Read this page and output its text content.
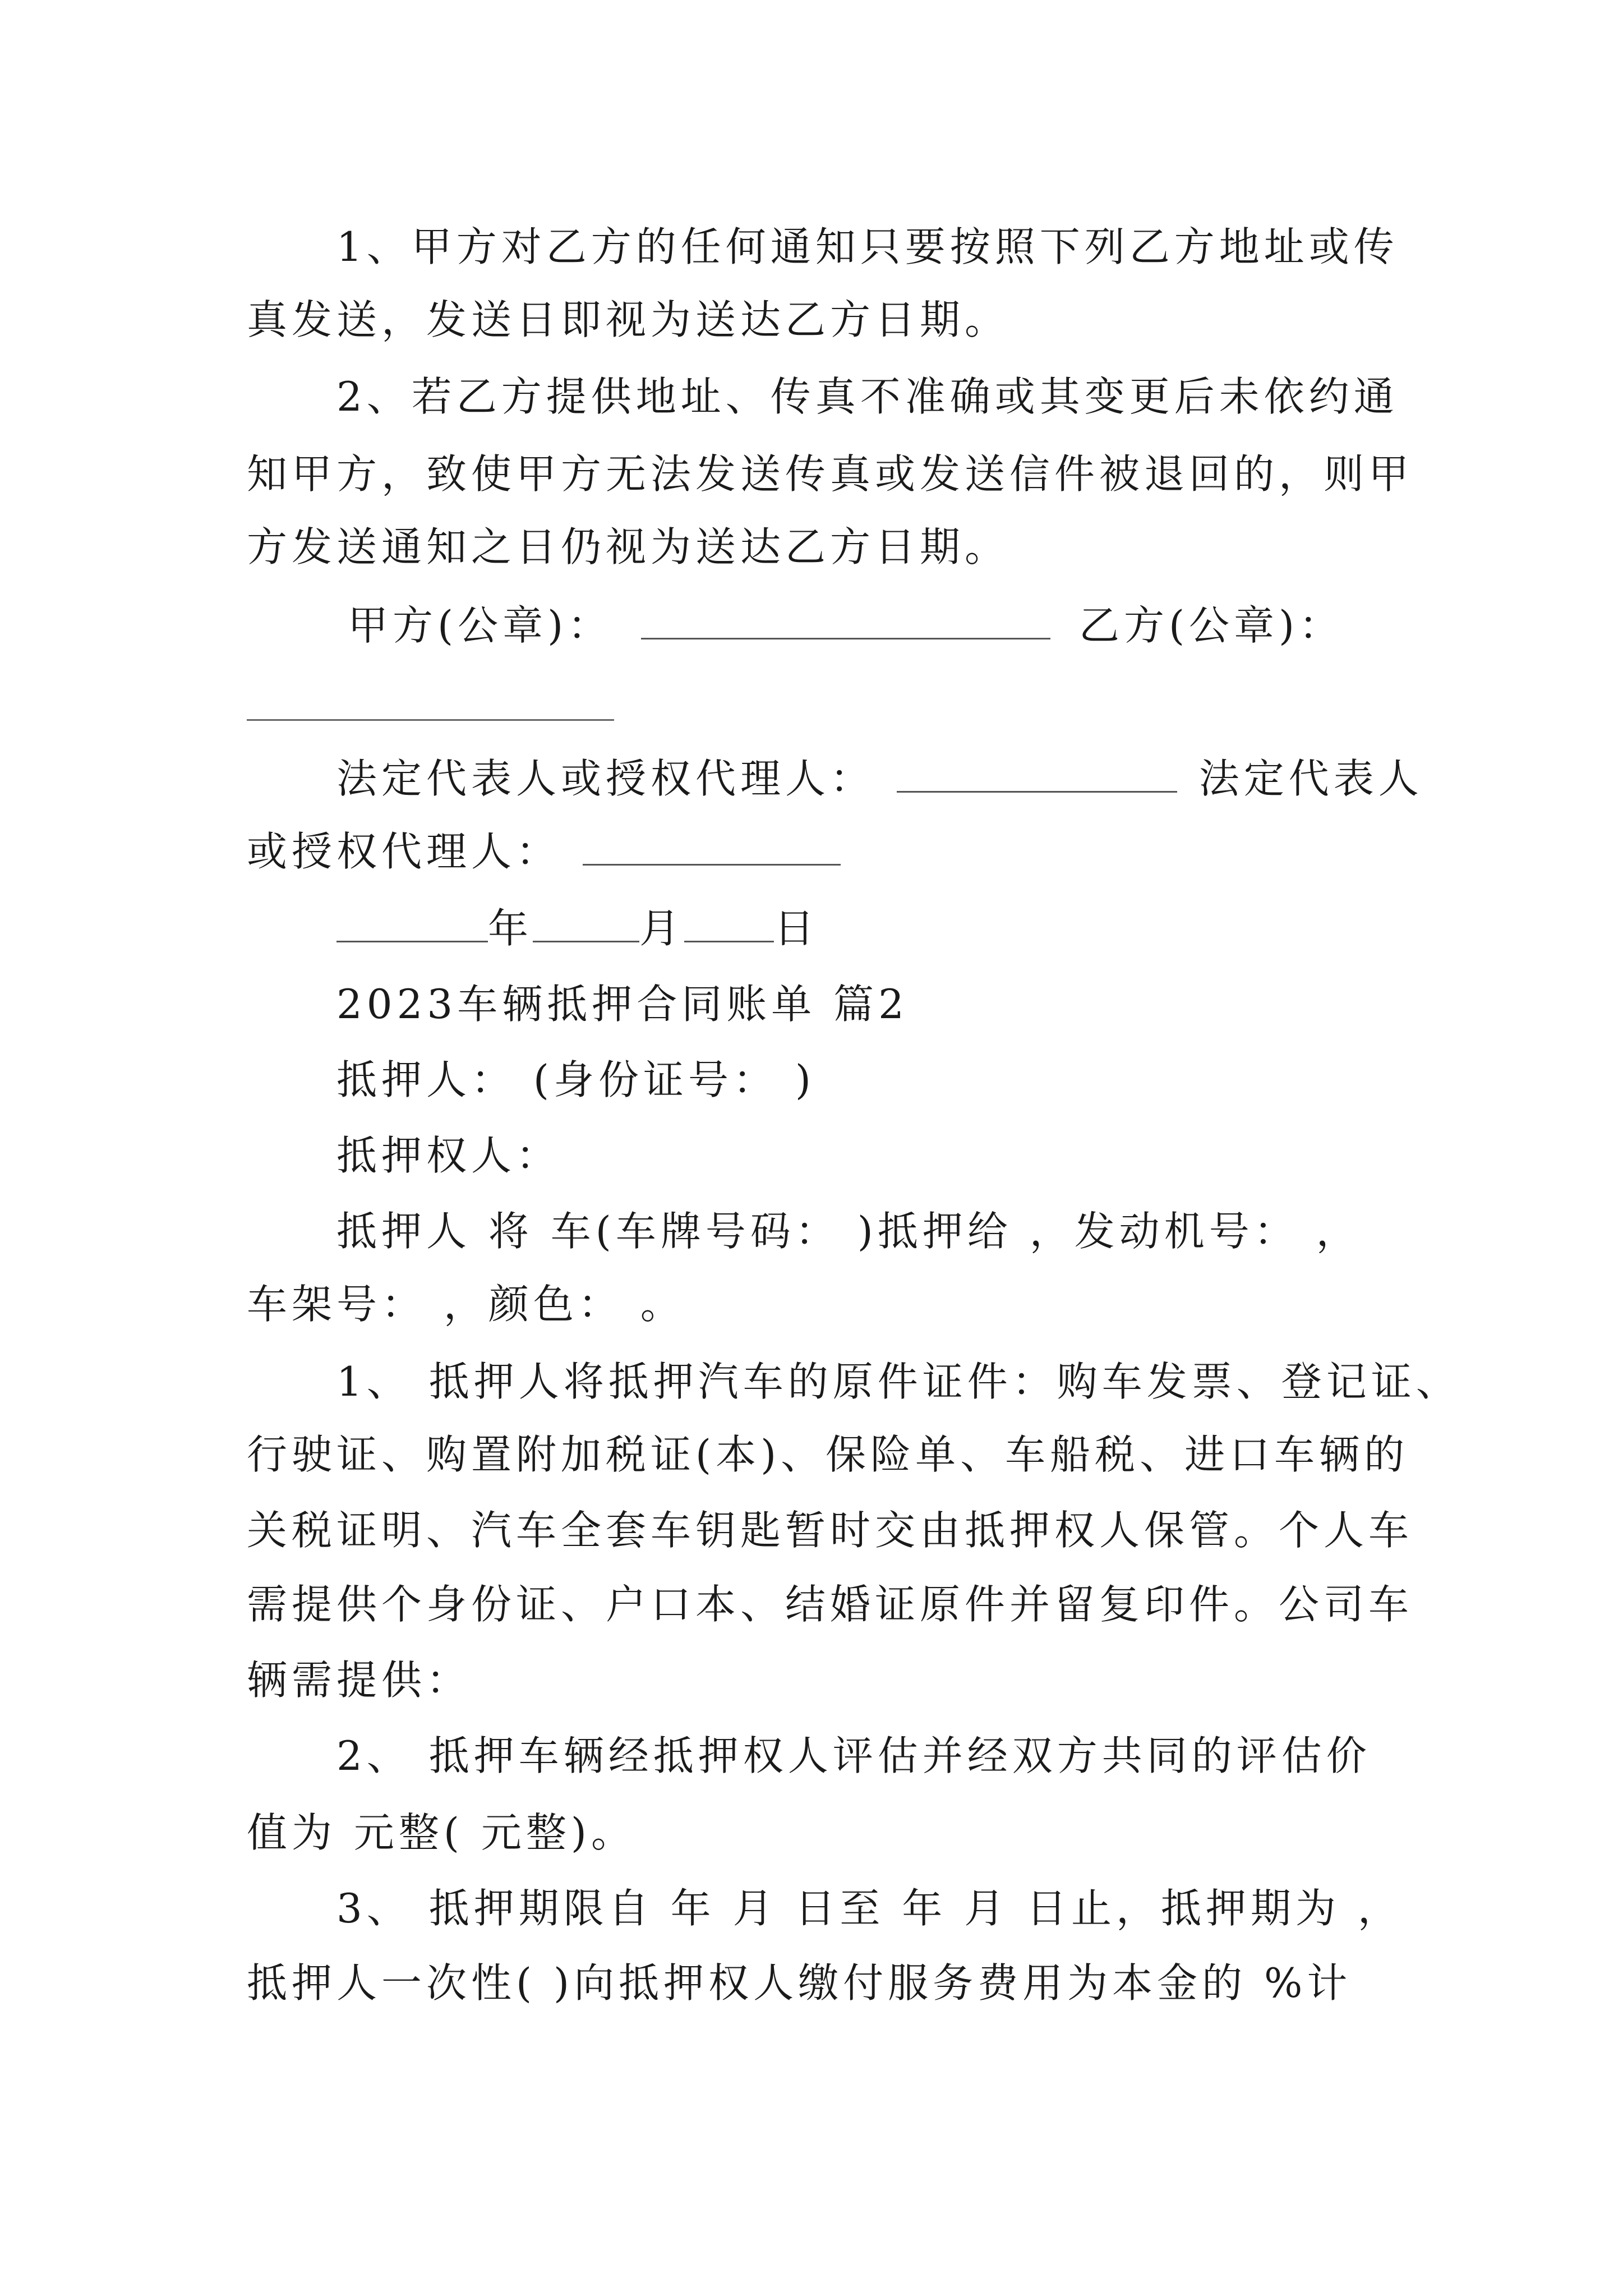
1、甲方对乙方的任何通知只要按照下列乙方地址或传
真发送，发送日即视为送达乙方日期。
2、若乙方提供地址、传真不准确或其变更后未依约通
知甲方，致使甲方无法发送传真或发送信件被退回的，则甲
方发送通知之日仍视为送达乙方日期。
甲方(公章)：	乙方(公章)：
法定代表人或授权代理人：	法定代表人
或授权代理人：
年	月 日
2023车辆抵押合同账单 篇2
抵押人： (身份证号： )
抵押权人：
抵押人 将 车(车牌号码： )抵押给 ，发动机号： ，
车架号： ，颜色： 。
1、 抵押人将抵押汽车的原件证件：购车发票、登记证、
行驶证、购置附加税证(本)、保险单、车船税、进口车辆的
关税证明、汽车全套车钥匙暂时交由抵押权人保管。个人车
需提供个身份证、户口本、结婚证原件并留复印件。公司车
辆需提供：
2、 抵押车辆经抵押权人评估并经双方共同的评估价
值为 元整( 元整)。
3、 抵押期限自 年 月 日至 年 月 日止，抵押期为 ，
抵押人一次性( )向抵押权人缴付服务费用为本金的 %计
